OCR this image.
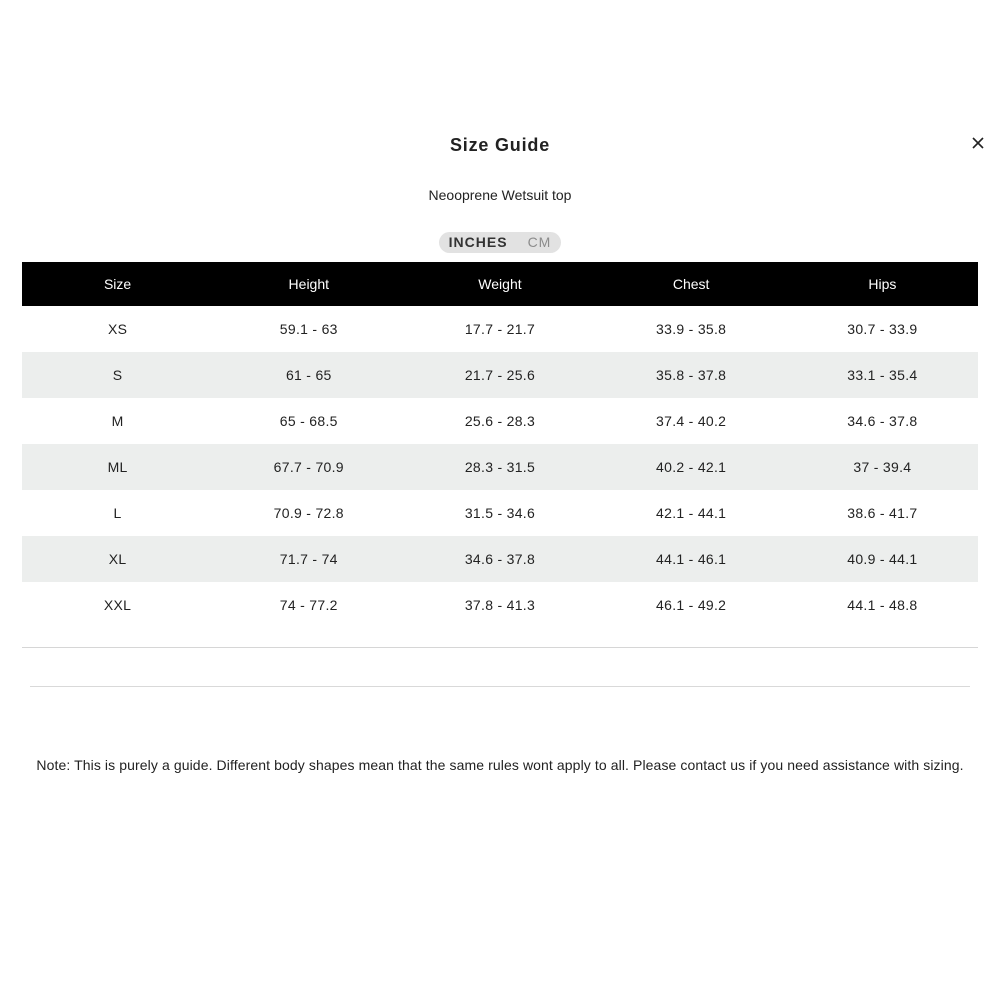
Size Guide
Neooprene Wetsuit top
INCHES CM
Size	Height	Weight	Chest	Hips
XS	59.1 - 63	17.7 - 21.7	33.9 - 35.8	30.7 - 33.9
S	61 - 65	21.7 - 25.6	35.8 - 37.8	33.1 - 35.4
M	65 - 68.5	25.6 - 28.3	37.4 - 40.2	34.6 - 37.8
ML	67.7 - 70.9	28.3 - 31.5	40.2 - 42.1	37 - 39.4
L	70.9 - 72.8	31.5 - 34.6	42.1 - 44.1	38.6 - 41.7
XL	71.7 - 74	34.6 - 37.8	44.1 - 46.1	40.9 - 44.1
XXL	74 - 77.2	37.8 - 41.3	46.1 - 49.2	44.1 - 48.8
Note: This is purely a guide. Different body shapes mean that the same rules wont apply to all. Please contact us if you need assistance with sizing.
